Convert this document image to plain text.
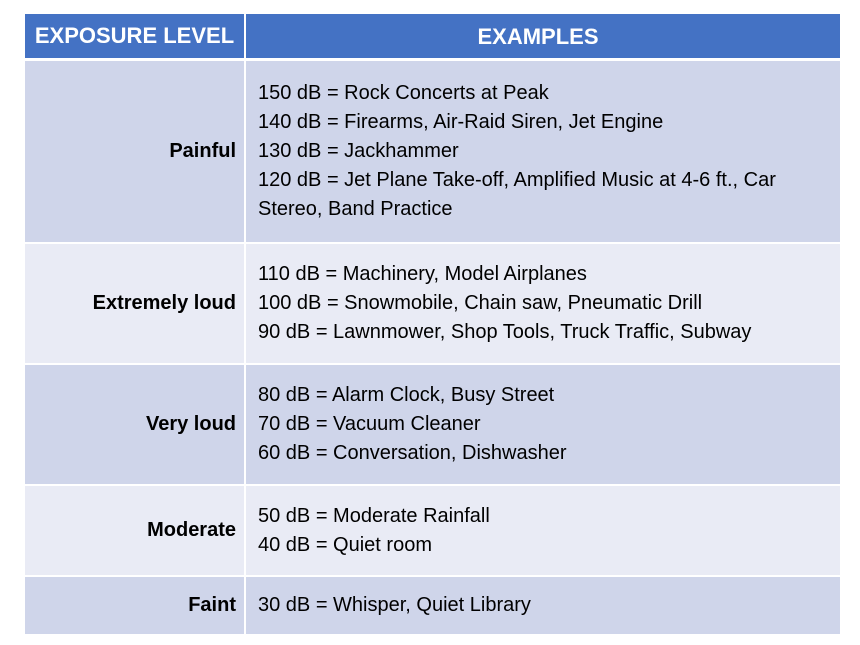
EXPOSURE LEVEL	EXAMPLES
Painful
150 dB = Rock Concerts at Peak
140 dB = Firearms, Air-Raid Siren, Jet Engine
130 dB = Jackhammer
120 dB = Jet Plane Take-off, Amplified Music at 4-6 ft., Car
Stereo, Band Practice
Extremely loud
110 dB = Machinery, Model Airplanes
100 dB = Snowmobile, Chain saw, Pneumatic Drill
90 dB = Lawnmower, Shop Tools, Truck Traffic, Subway
Very loud
80 dB = Alarm Clock, Busy Street
70 dB = Vacuum Cleaner
60 dB = Conversation, Dishwasher
Moderate
50 dB = Moderate Rainfall
40 dB = Quiet room
Faint	30 dB = Whisper, Quiet Library
